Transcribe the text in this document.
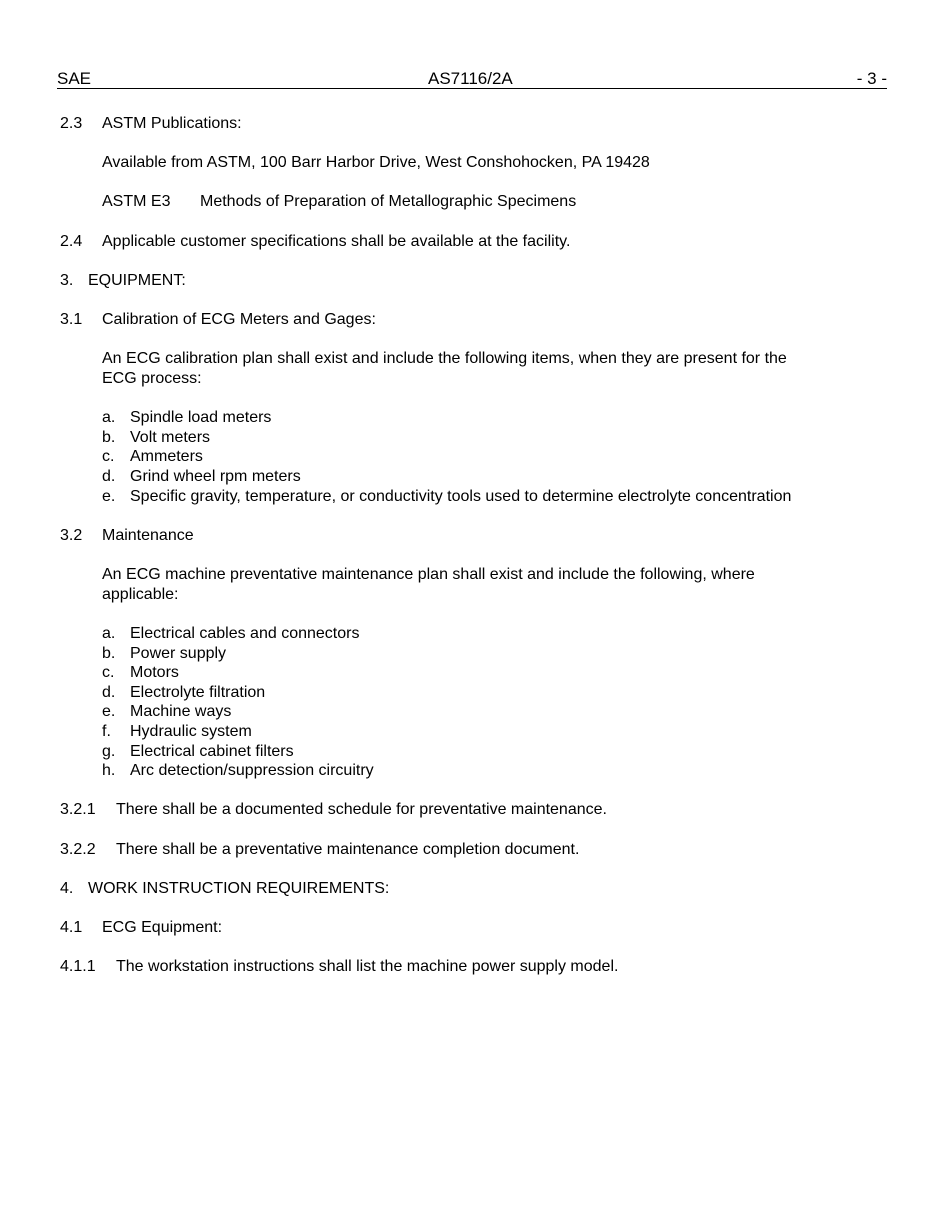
SAE	AS7116/2A	- 3 -
2.3 ASTM Publications:
Available from ASTM, 100 Barr Harbor Drive, West Conshohocken, PA 19428
ASTM E3 Methods of Preparation of Metallographic Specimens
2.4 Applicable customer specifications shall be available at the facility.
3. EQUIPMENT:
3.1 Calibration of ECG Meters and Gages:
An ECG calibration plan shall exist and include the following items, when they are present for the
ECG process:
a. Spindle load meters
b. Volt meters
c. Ammeters
d. Grind wheel rpm meters
e. Specific gravity, temperature, or conductivity tools used to determine electrolyte concentration
3.2 Maintenance
An ECG machine preventative maintenance plan shall exist and include the following, where
applicable:
a. Electrical cables and connectors
b. Power supply
c. Motors
d. Electrolyte filtration
e. Machine ways
f. Hydraulic system
g. Electrical cabinet filters
h. Arc detection/suppression circuitry
3.2.1 There shall be a documented schedule for preventative maintenance.
3.2.2 There shall be a preventative maintenance completion document.
4. WORK INSTRUCTION REQUIREMENTS:
4.1 ECG Equipment:
4.1.1 The workstation instructions shall list the machine power supply model.
